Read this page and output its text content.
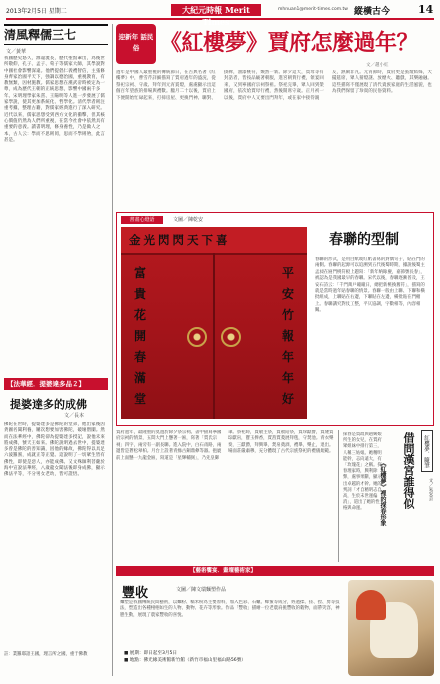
2013年2月5日 星期二	大紀元時報 Merit Times
mhnuan1@merit-times.com.tw 縱橫古今	14
清風釋儒三七
文／黃華
我國歷史悠久，源遠流長，歷代聖賢輩出，為後世所敬仰，孔子、孟子、荀子等儒家大師，其學說對中國社會影響深遠。他們提倡仁義禮智信，主張修身齊家治國平天下，強調以德治國，重視教育，有教無類，因材施教。儒家思想在漢武帝時被定為一尊，成為歷代王朝的正統思想，影響中國兩千多年。宋明理學家朱熹、王陽明等人進一步發展了儒家學說，使其更加系統化、哲學化。清代學者則注重考據，整理古籍，對儒家經典進行了深入研究。近代以來，儒家思想受到西方文化的衝擊，但其核心價值仍然為人們所重視，在當今社會中依然具有重要的意義。讀書明理，修身養性，乃是做人之本，古人云：學而不思則罔，思而不學則殆，此言甚是。
【法華經．提婆達多品２】
提婆達多的成佛
文／長本
佛陀在世時，提婆達多是佛陀的堂弟，他出家後因貪圖名聞利養，屢次想要加害佛陀，破壞僧團。然而在法華經中，佛陀卻為提婆達多授記，說他未來將成佛，號天王如來。佛陀說明過去世中，提婆達多曾是佛陀的善知識，因他的緣故，佛陀得以具足六波羅蜜，成就正等正覺。這說明了一切眾生皆有佛性，即使是惡人，亦能成佛。又文殊師利菩薩於海中宣說法華經，八歲龍女聞法後即身成佛，顯示佛法平等，不分男女老幼，皆可證悟。
註：業羅耶語王國，理言所之國，重于佛教
迎新年 話民俗 《紅樓夢》賈府怎麼過年？
文／趙小紅
過年是中國人最重視的傳統節日，在古典名著《紅樓夢》中，曹雪芹詳細描寫了賈府過年的盛況，從祭祀宗祠、守歲、拜年到元宵賞燈，處處顯示出這個百年望族的排場與禮數。臘月二十以後，賈府上下便開始忙碌起來，打掃房屋、更換門神、聯對、掛牌，油漆桃符，煥然一新。除夕這天，賈母等有封誥者，皆按品級著朝服，進宮朝賀行禮，領宴回來，又到寧國府宗祠祭祖。祭祀完畢，眾人回到榮國府，依次給賈母行禮，然後開席守歲。正月初一以後，賈府中人又要出門拜年，或在家中接待親友，熱鬧非凡。元宵節時，賈府更是張燈結綵，大擺筵席，眾人猜燈謎、放煙火、聽戲，其樂融融。這些描寫不僅展現了清代貴族家庭的生活風貌，也為我們保留了珍貴的民俗資料。
書畫心燈語	文圖／陳乾安
金光閃閃天下喜
富貴花開春滿堂
平安竹報年年好
春聯的型制
春聯的形式，是用白紙或紅紙書寫的對偶句子，貼在門的兩側。春聯的起源可以追溯到五代後蜀時期，據說後蜀主孟昶在寢門桃符板上題寫：「新年納餘慶，嘉節號長春」，被認為是我國最早的春聯。宋代以後，春聯逐漸普及，王安石詩云：「千門萬戶曈曈日，總把新桃換舊符」，描寫的就是當時過年貼春聯的情景。春聯一般由上聯、下聯和橫批組成，上聯貼在右邊，下聯貼在左邊，橫批貼在門楣上。春聯講究對仗工整，平仄協調，字數相等，內容相關。
賈府過年，最隆重的莫過於除夕祭宗祠。書中描寫寧國府宗祠的情景，五間大門上懸著一匾，寫著「賈氏宗祠」四字，兩旁有一副長聯。進入院中，白石甬路，兩邊皆是蒼松翠柏。月台上設著青綠古銅鼎彝等器。抱廈前上面懸一九龍金匾，寫道是「星輝輔弼」，乃先皇御筆。祭祀時，賈敬主祭，賈赦陪祭，賈珍獻爵，賈璉賈琮獻帛，寶玉捧香，賈菖賈菱展拜毯，守焚池。青衣樂奏，三獻爵，拜興畢，焚帛奠酒，禮畢，樂止，退出。場面莊嚴肅穆，充分體現了古代宗族祭祀的禮儀規範。	紅樓夢．隨筆
借問漢宮誰得似
《紅樓夢》裡的探春形象	文／朱采芸
探春是賈政與趙姨娘所生的女兒，在賈府眾姐妹中排行第三，人稱三姑娘。她精明能幹，志向遠大，有「玫瑰花」之稱。探春理家時，興利除弊，處事果斷，顯示出卓越的才幹。她的判詞「才自精明志自高，生於末世運偏消」，道出了她的性格與命運。
【藝術饗宴．畫壇藝術家】
豐收	文圖／陳文瑞麵塑作品
麵塑是我國傳統民間藝術，以麵粉、糯米粉為主要原料，加入色彩、石蠟、蜂蜜等成分，經過揉、搓、捏、剪等技法，塑造出各種栩栩如生的人物、動物、花卉等形象。作品「豐收」描繪一位老農肩挑豐收的穀物，面帶笑容，神態生動，展現了農家豐收的喜悅。
■ 展期：即日起至3月5日
■ 地點：佛光緣美術館新竹館（新竹市福山里福山路56號）
